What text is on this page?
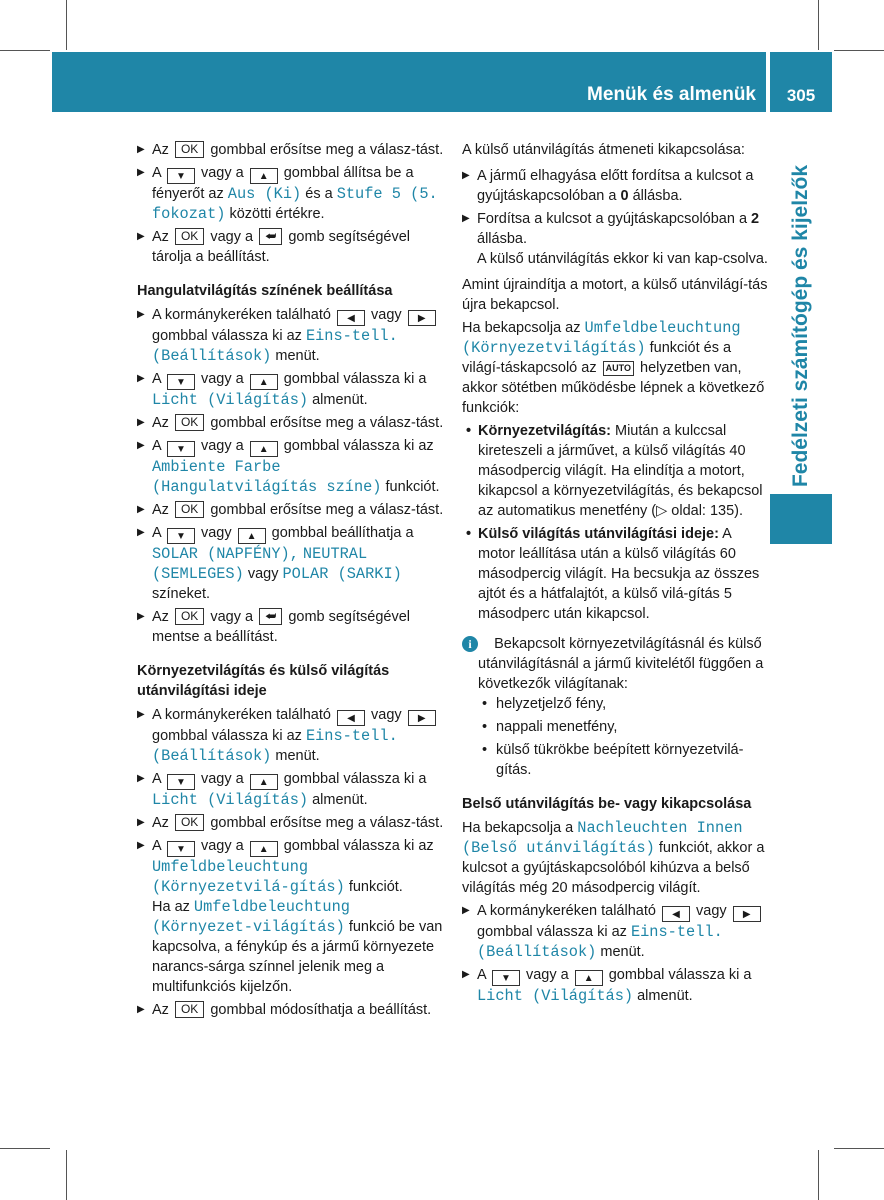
Menük és almenük	305
Fedélzeti számítógép és kijelzők
▶ Az OK gombbal erősítse meg a válasz-tást.
▶ A ▼ vagy a ▲ gombbal állítsa be a fényerőt az Aus (Ki) és a Stufe 5 (5. fokozat) közötti értékre.
▶ Az OK vagy a ⮨ gomb segítségével tárolja a beállítást.
Hangulatvilágítás színének beállítása
▶ A kormánykeréken található ◀ vagy ▶ gombbal válassza ki az Eins-tell. (Beállítások) menüt.
▶ A ▼ vagy a ▲ gombbal válassza ki a Licht (Világítás) almenüt.
▶ Az OK gombbal erősítse meg a válasz-tást.
▶ A ▼ vagy a ▲ gombbal válassza ki az Ambiente Farbe (Hangulatvilágítás színe) funkciót.
▶ Az OK gombbal erősítse meg a válasz-tást.
▶ A ▼ vagy ▲ gombbal beállíthatja a SOLAR (NAPFÉNY), NEUTRAL (SEMLEGES) vagy POLAR (SARKI) színeket.
▶ Az OK vagy a ⮨ gomb segítségével mentse a beállítást.
Környezetvilágítás és külső világítás utánvilágítási ideje
▶ A kormánykeréken található ◀ vagy ▶ gombbal válassza ki az Eins-tell. (Beállítások) menüt.
▶ A ▼ vagy a ▲ gombbal válassza ki a Licht (Világítás) almenüt.
▶ Az OK gombbal erősítse meg a válasz-tást.
▶ A ▼ vagy a ▲ gombbal válassza ki az Umfeldbeleuchtung (Környezetvilá-gítás) funkciót.
Ha az Umfeldbeleuchtung (Környezet-világítás) funkció be van kapcsolva, a fénykúp és a jármű környezete narancs-sárga színnel jelenik meg a multifunkciós kijelzőn.
▶ Az OK gombbal módosíthatja a beállítást.
A külső utánvilágítás átmeneti kikapcsolása:
▶ A jármű elhagyása előtt fordítsa a kulcsot a gyújtáskapcsolóban a 0 állásba.
▶ Fordítsa a kulcsot a gyújtáskapcsolóban a 2 állásba.
A külső utánvilágítás ekkor ki van kap-csolva.
Amint újraindítja a motort, a külső utánvilágí-tás újra bekapcsol.
Ha bekapcsolja az Umfeldbeleuchtung (Környezetvilágítás) funkciót és a világí-táskapcsoló az AUTO helyzetben van, akkor sötétben működésbe lépnek a következő funkciók:
• Környezetvilágítás: Miután a kulccsal kireteszeli a járművet, a külső világítás 40 másodpercig világít. Ha elindítja a motort, kikapcsol a környezetvilágítás, és bekapcsol az automatikus menetfény (▷ oldal: 135).
• Külső világítás utánvilágítási ideje: A motor leállítása után a külső világítás 60 másodpercig világít. Ha becsukja az összes ajtót és a hátfalajtót, a külső vilá-gítás 5 másodperc után kikapcsol.
i	Bekapcsolt környezetvilágításnál és külső utánvilágításnál a jármű kivitelétől függően a következők világítanak:
• helyzetjelző fény,
• nappali menetfény,
• külső tükrökbe beépített környezetvilá-gítás.
Belső utánvilágítás be- vagy kikapcsolása
Ha bekapcsolja a Nachleuchten Innen (Belső utánvilágítás) funkciót, akkor a kulcsot a gyújtáskapcsolóból kihúzva a belső világítás még 20 másodpercig világít.
▶ A kormánykeréken található ◀ vagy ▶ gombbal válassza ki az Eins-tell. (Beállítások) menüt.
▶ A ▼ vagy a ▲ gombbal válassza ki a Licht (Világítás) almenüt.
